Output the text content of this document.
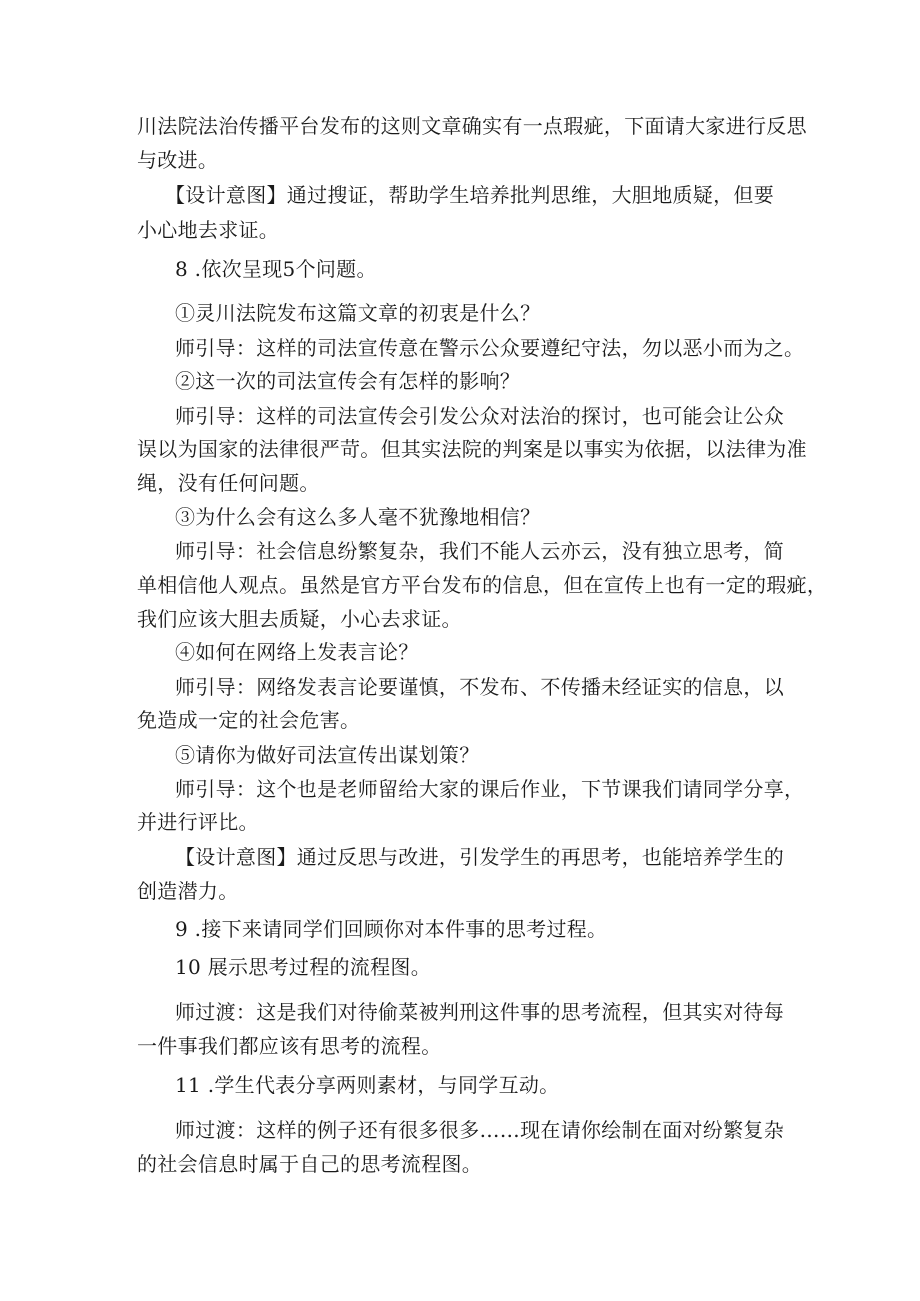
川法院法治传播平台发布的这则文章确实有一点瑕疵，下面请大家进行反思
与改进。
【设计意图】通过搜证，帮助学生培养批判思维，大胆地质疑，但要
小心地去求证。
8 .依次呈现5个问题。
①灵川法院发布这篇文章的初衷是什么？
师引导：这样的司法宣传意在警示公众要遵纪守法，勿以恶小而为之。
②这一次的司法宣传会有怎样的影响？
师引导：这样的司法宣传会引发公众对法治的探讨，也可能会让公众
误以为国家的法律很严苛。但其实法院的判案是以事实为依据，以法律为准
绳，没有任何问题。
③为什么会有这么多人毫不犹豫地相信？
师引导：社会信息纷繁复杂，我们不能人云亦云，没有独立思考，简
单相信他人观点。虽然是官方平台发布的信息，但在宣传上也有一定的瑕疵，
我们应该大胆去质疑，小心去求证。
④如何在网络上发表言论？
师引导：网络发表言论要谨慎，不发布、不传播未经证实的信息，以
免造成一定的社会危害。
⑤请你为做好司法宣传出谋划策？
师引导：这个也是老师留给大家的课后作业，下节课我们请同学分享，
并进行评比。
【设计意图】通过反思与改进，引发学生的再思考，也能培养学生的
创造潜力。
9 .接下来请同学们回顾你对本件事的思考过程。
10 展示思考过程的流程图。
师过渡：这是我们对待偷菜被判刑这件事的思考流程，但其实对待每
一件事我们都应该有思考的流程。
11 .学生代表分享两则素材，与同学互动。
师过渡：这样的例子还有很多很多……现在请你绘制在面对纷繁复杂
的社会信息时属于自己的思考流程图。
